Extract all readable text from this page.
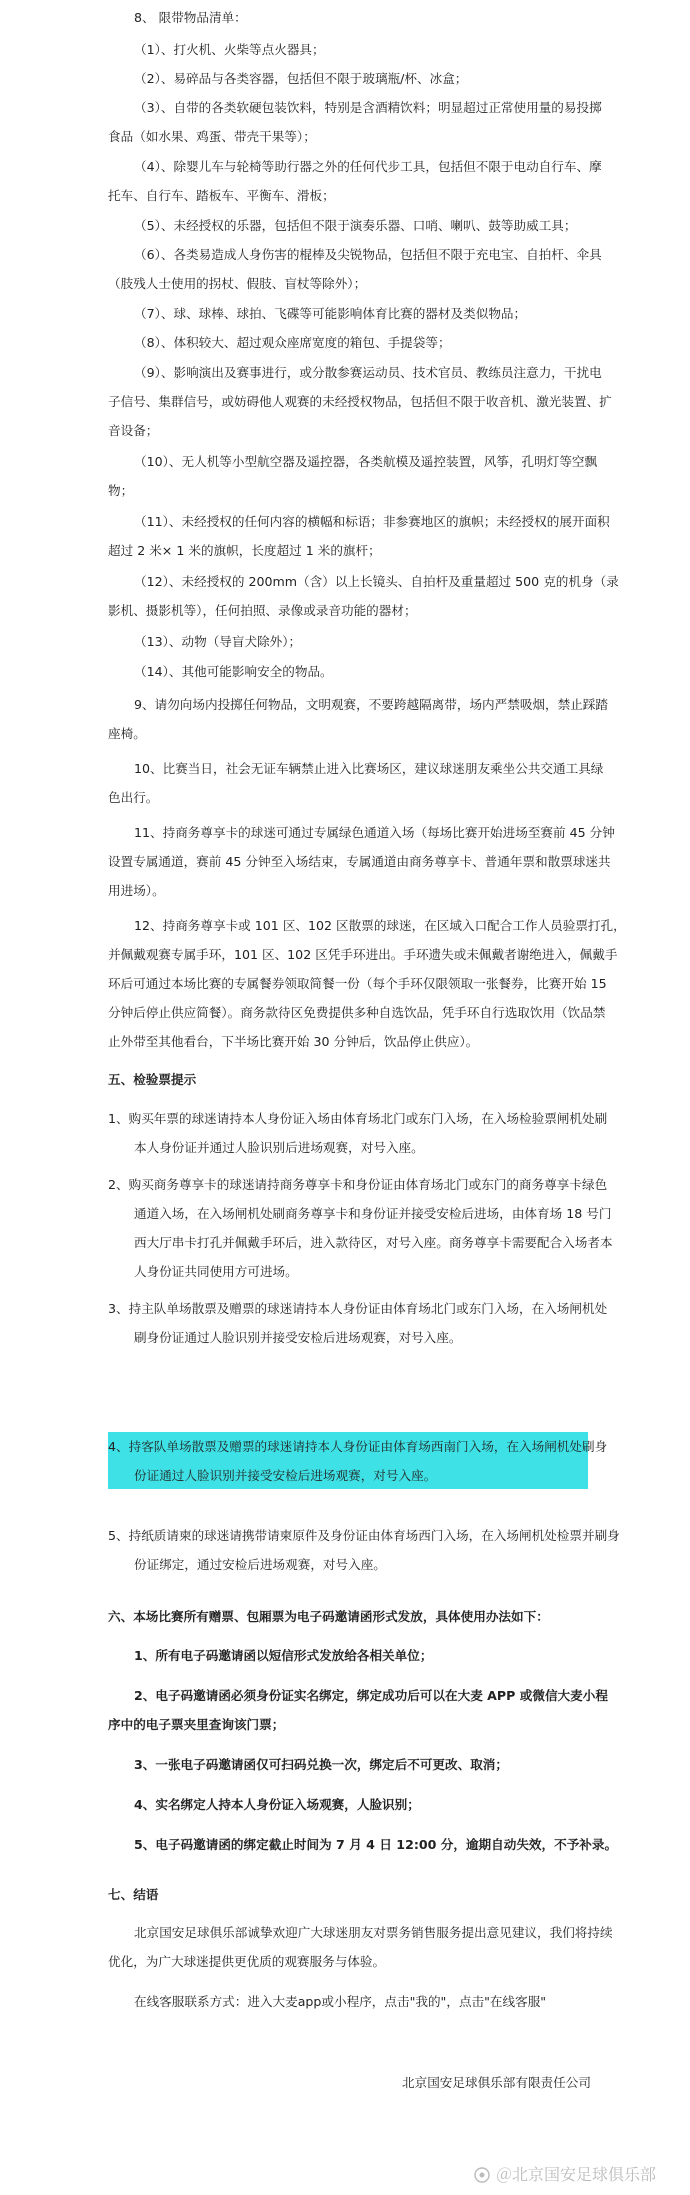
8、 限带物品清单：
（1）、打火机、火柴等点火器具；
（2）、易碎品与各类容器，包括但不限于玻璃瓶/杯、冰盒；
（3）、自带的各类软硬包装饮料，特别是含酒精饮料；明显超过正常使用量的易投掷
食品（如水果、鸡蛋、带壳干果等）；
（4）、除婴儿车与轮椅等助行器之外的任何代步工具，包括但不限于电动自行车、摩
托车、自行车、踏板车、平衡车、滑板；
（5）、未经授权的乐器，包括但不限于演奏乐器、口哨、喇叭、鼓等助威工具；
（6）、各类易造成人身伤害的棍棒及尖锐物品，包括但不限于充电宝、自拍杆、伞具
（肢残人士使用的拐杖、假肢、盲杖等除外）；
（7）、球、球棒、球拍、飞碟等可能影响体育比赛的器材及类似物品；
（8）、体积较大、超过观众座席宽度的箱包、手提袋等；
（9）、影响演出及赛事进行，或分散参赛运动员、技术官员、教练员注意力，干扰电
子信号、集群信号，或妨碍他人观赛的未经授权物品，包括但不限于收音机、激光装置、扩
音设备；
（10）、无人机等小型航空器及遥控器，各类航模及遥控装置，风筝，孔明灯等空飘
物；
（11）、未经授权的任何内容的横幅和标语；非参赛地区的旗帜；未经授权的展开面积
超过 2 米× 1 米的旗帜，长度超过 1 米的旗杆；
（12）、未经授权的 200mm（含）以上长镜头、自拍杆及重量超过 500 克的机身（录
影机、摄影机等），任何拍照、录像或录音功能的器材；
（13）、动物（导盲犬除外）；
（14）、其他可能影响安全的物品。
9、请勿向场内投掷任何物品，文明观赛，不要跨越隔离带，场内严禁吸烟，禁止踩踏
座椅。
10、比赛当日，社会无证车辆禁止进入比赛场区，建议球迷朋友乘坐公共交通工具绿
色出行。
11、持商务尊享卡的球迷可通过专属绿色通道入场（每场比赛开始进场至赛前 45 分钟
设置专属通道，赛前 45 分钟至入场结束，专属通道由商务尊享卡、普通年票和散票球迷共
用进场）。
12、持商务尊享卡或 101 区、102 区散票的球迷，在区域入口配合工作人员验票打孔，
并佩戴观赛专属手环，101 区、102 区凭手环进出。手环遗失或未佩戴者谢绝进入，佩戴手
环后可通过本场比赛的专属餐券领取简餐一份（每个手环仅限领取一张餐券，比赛开始 15
分钟后停止供应简餐）。商务款待区免费提供多种自选饮品，凭手环自行选取饮用（饮品禁
止外带至其他看台，下半场比赛开始 30 分钟后，饮品停止供应）。
五、检验票提示
1、购买年票的球迷请持本人身份证入场由体育场北门或东门入场，在入场检验票闸机处刷
本人身份证并通过人脸识别后进场观赛，对号入座。
2、购买商务尊享卡的球迷请持商务尊享卡和身份证由体育场北门或东门的商务尊享卡绿色
通道入场，在入场闸机处刷商务尊享卡和身份证并接受安检后进场，由体育场 18 号门
西大厅串卡打孔并佩戴手环后，进入款待区，对号入座。商务尊享卡需要配合入场者本
人身份证共同使用方可进场。
3、持主队单场散票及赠票的球迷请持本人身份证由体育场北门或东门入场，在入场闸机处
刷身份证通过人脸识别并接受安检后进场观赛，对号入座。
4、持客队单场散票及赠票的球迷请持本人身份证由体育场西南门入场，在入场闸机处刷身
份证通过人脸识别并接受安检后进场观赛，对号入座。
5、持纸质请柬的球迷请携带请柬原件及身份证由体育场西门入场，在入场闸机处检票并刷身
份证绑定，通过安检后进场观赛，对号入座。
六、本场比赛所有赠票、包厢票为电子码邀请函形式发放，具体使用办法如下：
1、所有电子码邀请函以短信形式发放给各相关单位；
2、电子码邀请函必须身份证实名绑定，绑定成功后可以在大麦 APP 或微信大麦小程
序中的电子票夹里查询该门票；
3、一张电子码邀请函仅可扫码兑换一次，绑定后不可更改、取消；
4、实名绑定人持本人身份证入场观赛，人脸识别；
5、电子码邀请函的绑定截止时间为 7 月 4 日 12:00 分，逾期自动失效，不予补录。
七、结语
北京国安足球俱乐部诚挚欢迎广大球迷朋友对票务销售服务提出意见建议，我们将持续
优化，为广大球迷提供更优质的观赛服务与体验。
在线客服联系方式：进入大麦app或小程序，点击"我的"，点击"在线客服"
北京国安足球俱乐部有限责任公司
＠北京国安足球俱乐部
